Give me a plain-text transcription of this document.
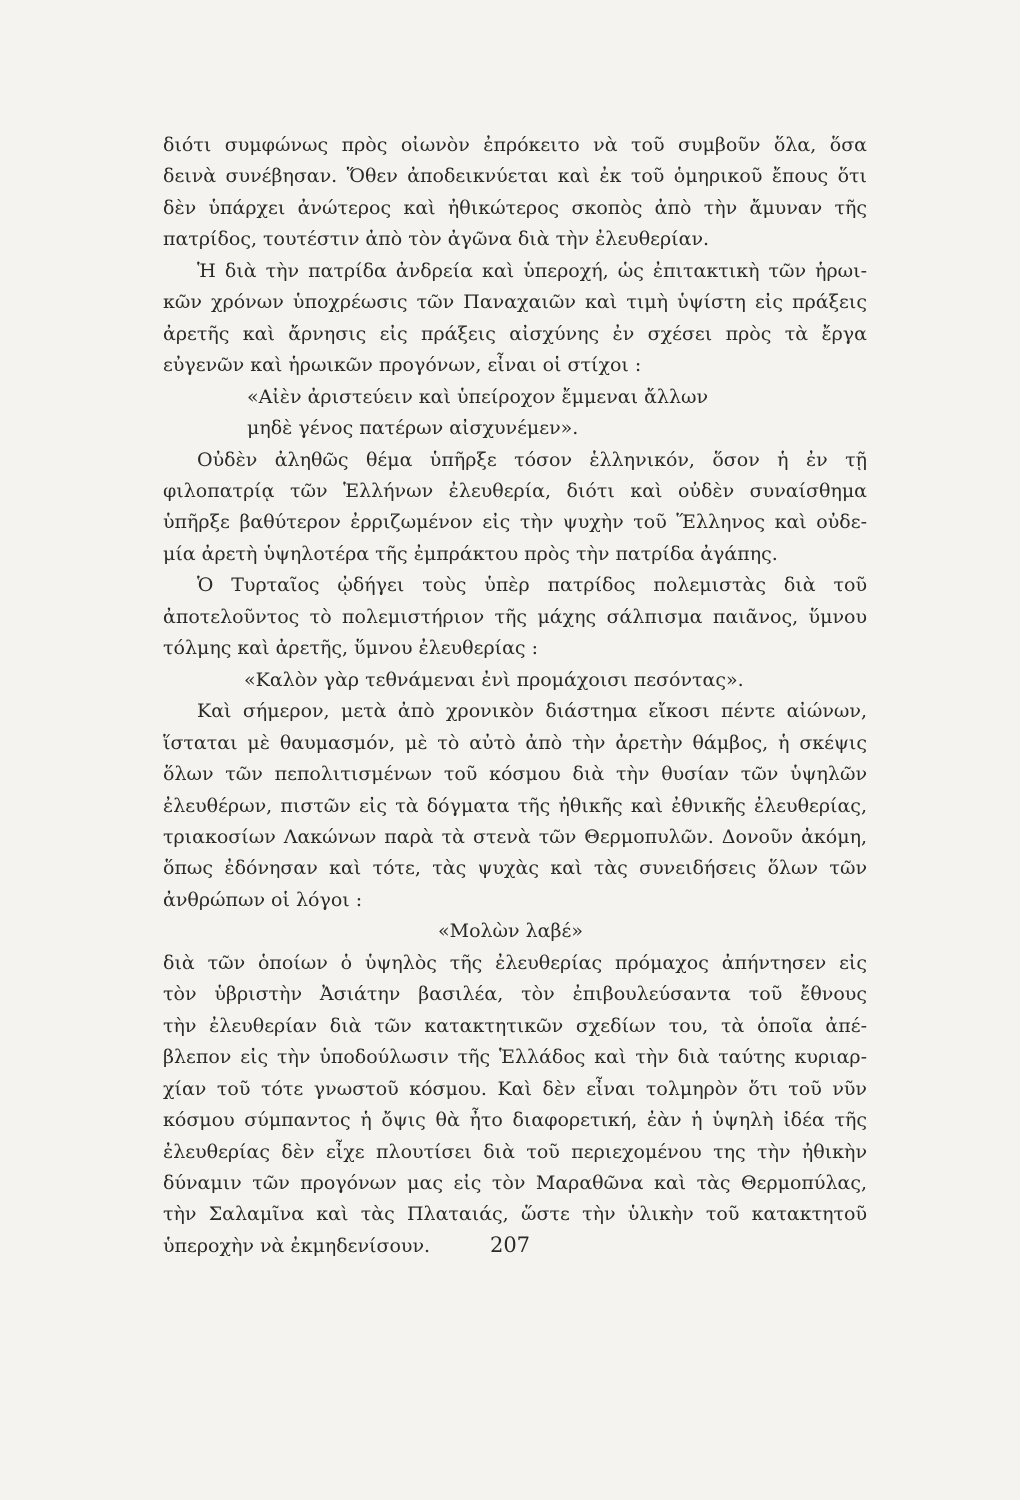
διότι συμφώνως πρὸς οἰωνὸν ἐπρόκειτο νὰ τοῦ συμβοῦν ὅλα, ὅσα
δεινὰ συνέβησαν. Ὅθεν ἀποδεικνύεται καὶ ἐκ τοῦ ὁμηρικοῦ ἔπους ὅτι
δὲν ὑπάρχει ἀνώτερος καὶ ἠθικώτερος σκοπὸς ἀπὸ τὴν ἄμυναν τῆς
πατρίδος, τουτέστιν ἀπὸ τὸν ἀγῶνα διὰ τὴν ἐλευθερίαν.
Ἡ διὰ τὴν πατρίδα ἀνδρεία καὶ ὑπεροχή, ὡς ἐπιτακτικὴ τῶν ἡρωι-
κῶν χρόνων ὑποχρέωσις τῶν Παναχαιῶν καὶ τιμὴ ὑψίστη εἰς πράξεις
ἀρετῆς καὶ ἄρνησις εἰς πράξεις αἰσχύνης ἐν σχέσει πρὸς τὰ ἔργα
εὐγενῶν καὶ ἡρωικῶν προγόνων, εἶναι οἱ στίχοι :
«Αἰὲν ἀριστεύειν καὶ ὑπείροχον ἔμμεναι ἄλλων
μηδὲ γένος πατέρων αἰσχυνέμεν».
Οὐδὲν ἀληθῶς θέμα ὑπῆρξε τόσον ἑλληνικόν, ὅσον ἡ ἐν τῇ
φιλοπατρίᾳ τῶν Ἑλλήνων ἐλευθερία, διότι καὶ οὐδὲν συναίσθημα
ὑπῆρξε βαθύτερον ἐρριζωμένον εἰς τὴν ψυχὴν τοῦ Ἕλληνος καὶ οὐδε-
μία ἀρετὴ ὑψηλοτέρα τῆς ἐμπράκτου πρὸς τὴν πατρίδα ἀγάπης.
Ὁ Τυρταῖος ᾠδήγει τοὺς ὑπὲρ πατρίδος πολεμιστὰς διὰ τοῦ
ἀποτελοῦντος τὸ πολεμιστήριον τῆς μάχης σάλπισμα παιᾶνος, ὕμνου
τόλμης καὶ ἀρετῆς, ὕμνου ἐλευθερίας :
«Καλὸν γὰρ τεθνάμεναι ἐνὶ προμάχοισι πεσόντας».
Καὶ σήμερον, μετὰ ἀπὸ χρονικὸν διάστημα εἴκοσι πέντε αἰώνων,
ἵσταται μὲ θαυμασμόν, μὲ τὸ αὐτὸ ἀπὸ τὴν ἀρετὴν θάμβος, ἡ σκέψις
ὅλων τῶν πεπολιτισμένων τοῦ κόσμου διὰ τὴν θυσίαν τῶν ὑψηλῶν
ἐλευθέρων, πιστῶν εἰς τὰ δόγματα τῆς ἠθικῆς καὶ ἐθνικῆς ἐλευθερίας,
τριακοσίων Λακώνων παρὰ τὰ στενὰ τῶν Θερμοπυλῶν. Δονοῦν ἀκόμη,
ὅπως ἐδόνησαν καὶ τότε, τὰς ψυχὰς καὶ τὰς συνειδήσεις ὅλων τῶν
ἀνθρώπων οἱ λόγοι :
«Μολὼν λαβέ»
διὰ τῶν ὁποίων ὁ ὑψηλὸς τῆς ἐλευθερίας πρόμαχος ἀπήντησεν εἰς
τὸν ὑβριστὴν Ἀσιάτην βασιλέα, τὸν ἐπιβουλεύσαντα τοῦ ἔθνους
τὴν ἐλευθερίαν διὰ τῶν κατακτητικῶν σχεδίων του, τὰ ὁποῖα ἀπέ-
βλεπον εἰς τὴν ὑποδούλωσιν τῆς Ἑλλάδος καὶ τὴν διὰ ταύτης κυριαρ-
χίαν τοῦ τότε γνωστοῦ κόσμου. Καὶ δὲν εἶναι τολμηρὸν ὅτι τοῦ νῦν
κόσμου σύμπαντος ἡ ὄψις θὰ ἦτο διαφορετική, ἐὰν ἡ ὑψηλὴ ἰδέα τῆς
ἐλευθερίας δὲν εἶχε πλουτίσει διὰ τοῦ περιεχομένου της τὴν ἠθικὴν
δύναμιν τῶν προγόνων μας εἰς τὸν Μαραθῶνα καὶ τὰς Θερμοπύλας,
τὴν Σαλαμῖνα καὶ τὰς Πλαταιάς, ὥστε τὴν ὑλικὴν τοῦ κατακτητοῦ
ὑπεροχὴν νὰ ἐκμηδενίσουν.	207
